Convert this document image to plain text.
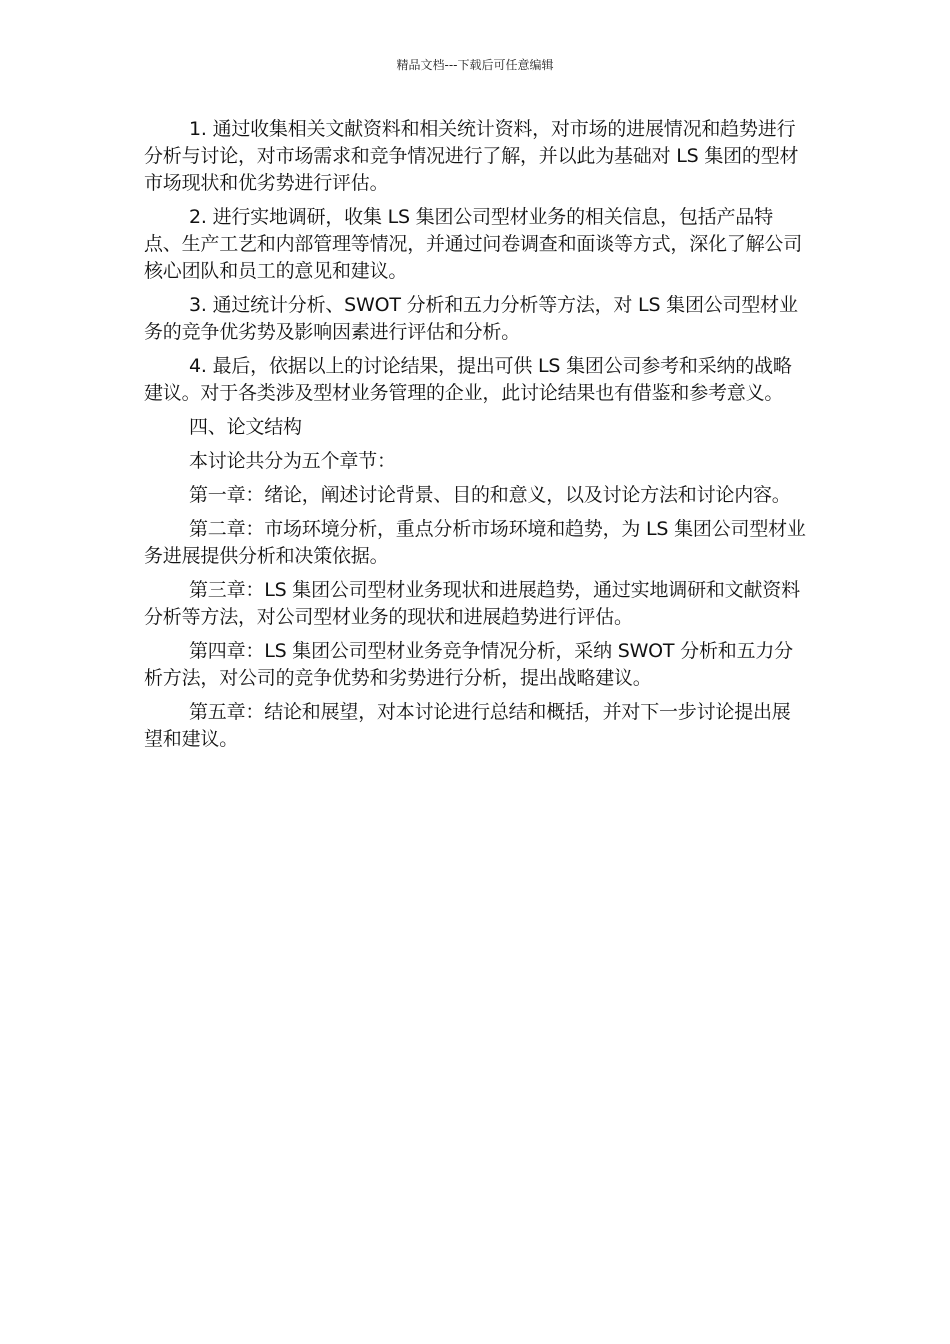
精品文档---下载后可任意编辑

1. 通过收集相关文献资料和相关统计资料，对市场的进展情况和趋势进行分析与讨论，对市场需求和竞争情况进行了解，并以此为基础对 LS 集团的型材市场现状和优劣势进行评估。

2. 进行实地调研，收集 LS 集团公司型材业务的相关信息，包括产品特点、生产工艺和内部管理等情况，并通过问卷调查和面谈等方式，深化了解公司核心团队和员工的意见和建议。

3. 通过统计分析、SWOT 分析和五力分析等方法，对 LS 集团公司型材业务的竞争优劣势及影响因素进行评估和分析。

4. 最后，依据以上的讨论结果，提出可供 LS 集团公司参考和采纳的战略建议。对于各类涉及型材业务管理的企业，此讨论结果也有借鉴和参考意义。

四、论文结构

本讨论共分为五个章节：

第一章：绪论，阐述讨论背景、目的和意义，以及讨论方法和讨论内容。

第二章：市场环境分析，重点分析市场环境和趋势，为 LS 集团公司型材业务进展提供分析和决策依据。

第三章：LS 集团公司型材业务现状和进展趋势，通过实地调研和文献资料分析等方法，对公司型材业务的现状和进展趋势进行评估。

第四章：LS 集团公司型材业务竞争情况分析，采纳 SWOT 分析和五力分析方法，对公司的竞争优势和劣势进行分析，提出战略建议。

第五章：结论和展望，对本讨论进行总结和概括，并对下一步讨论提出展望和建议。
